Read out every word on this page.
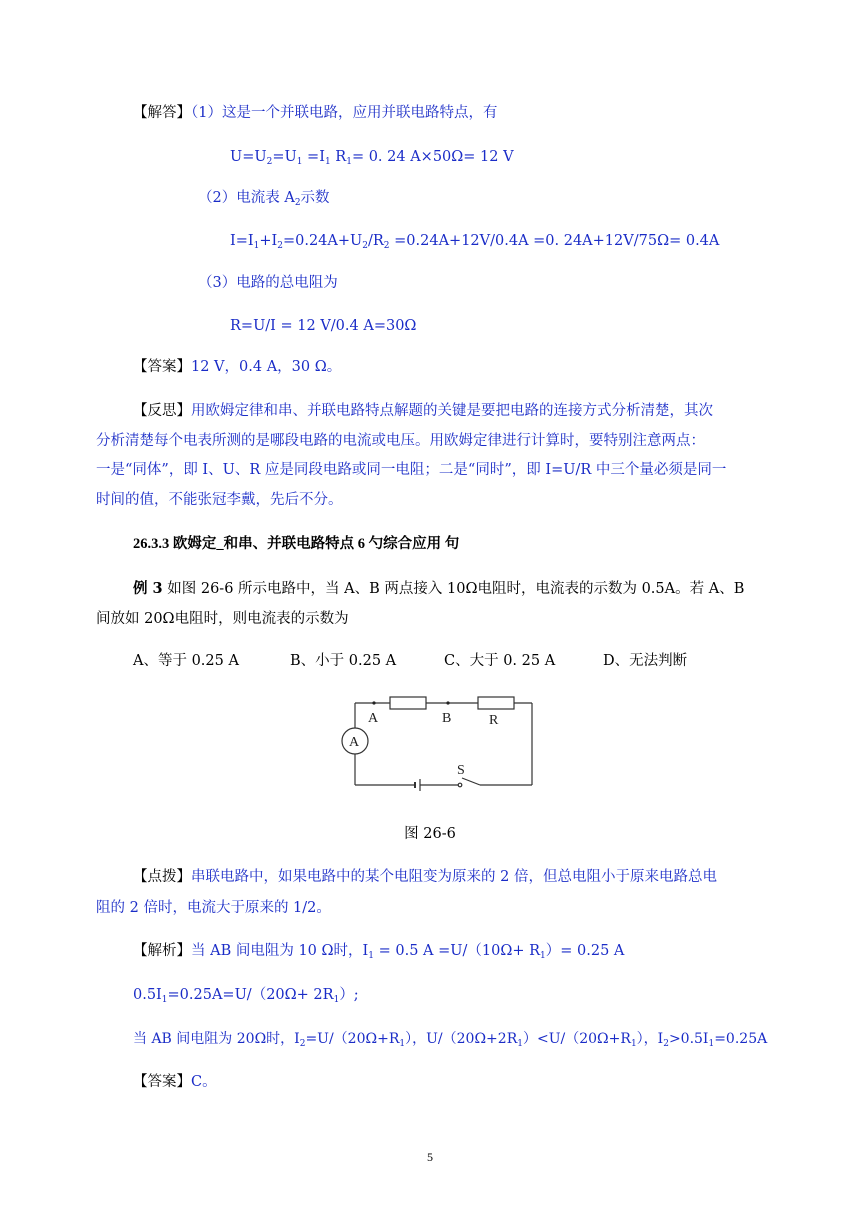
【解答】（1）这是一个并联电路，应用并联电路特点，有
$U=U_2=U_1 =I_1$ $R_1= 0$. 24 A×50Ω= 12 V
（2）电流表 $A_2$示数
$I=I_1+I_2=0.24A+U_2/R_2 =0.24A+12V/0.4A =0$. 24A+12V/75Ω= 0.4A
（3）电路的总电阻为
R=U/I = 12 V/0.4 A=30Ω
【答案】12 V，0.4 A，30 Ω。
【反思】用欧姆定律和串、并联电路特点解题的关键是要把电路的连接方式分析清楚，其次
分析清楚每个电表所测的是哪段电路的电流或电压。用欧姆定律进行计算时，要特别注意两点：
一是“同体”，即 I、U、R 应是同段电路或同一电阻；二是“同时”，即 I=U/R 中三个量必须是同一
时间的值，不能张冠李戴，先后不分。
26.3.3 欧姆定_和串、并联电路特点 6 勺综合应用 句
例 3 如图 26-6 所示电路中，当 A、B 两点接入 10Ω电阻时，电流表的示数为 0.5A。若 A、B
间放如 20Ω电阻时，则电流表的示数为
A、等于 0.25 A	B、小于 0.25 A	C、大于 0. 25 A	D、无法判断
A	B	R
S
A
图 26-6
【点拨】串联电路中，如果电路中的某个电阻变为原来的 2 倍，但总电阻小于原来电路总电
阻的 2 倍时，电流大于原来的 1/2。
【解析】当 AB 间电阻为 10 Ω时，$I_1 = 0.5$ $A =U/(10\Omega+ R_1)= 0.25$ A
$0.5I_1=0.25A=U/(20\Omega+ 2R_1)$;
当 AB 间电阻为 20Ω时，$I_2=U/(20\Omega+R_1)$，$U/(20\Omega+2R_1)<U/(20\Omega+R_1)$，$I_2>0.5I_1=0.25A$
【答案】C。
5
